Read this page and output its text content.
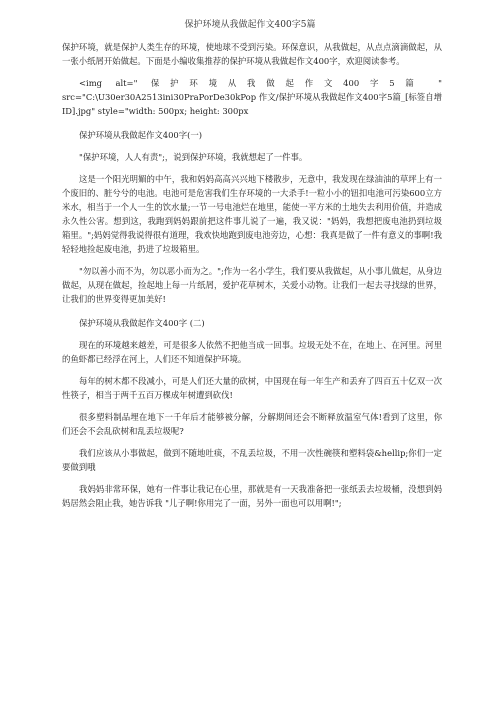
保护环境从我做起作文400字5篇

保护环境，就是保护人类生存的环境，使地球不受到污染。环保意识，从我做起，从点点滴滴做起，从一张小纸屑开始做起。下面是小编收集推荐的保护环境从我做起作文400字，欢迎阅读参考。

<img alt=" 保护环境从我做起作文400字5篇 " src="C:\U30er30A2513ini30PraPorDe30kPop 作文/保护环境从我做起作文400字5篇_[标签自增ID].jpg" style="width: 500px; height: 300px

保护环境从我做起作文400字(一)

"保护环境，人人有责";，说到保护环境，我就想起了一件事。

这是一个阳光明媚的中午，我和妈妈高高兴兴地下楼散步，无意中，我发现在绿油油的草坪上有一个废旧的、脏兮兮的电池。电池可是危害我们生存环境的一大杀手!一粒小小的钮扣电池可污染600立方米水，相当于一个人一生的饮水量;一节一号电池烂在地里，能使一平方米的土地失去利用价值，并造成永久性公害。想到这，我跑到妈妈跟前把这件事儿说了一遍，我又说："妈妈，我想把废电池扔到垃圾箱里。";妈妈觉得我说得很有道理，我欢快地跑到废电池旁边，心想：我真是做了一件有意义的事啊!我轻轻地捡起废电池，扔进了垃圾箱里。

"勿以善小而不为，勿以恶小而为之。";作为一名小学生，我们要从我做起，从小事儿做起，从身边做起，从现在做起，捡起地上每一片纸屑，爱护花草树木，关爱小动物。让我们一起去寻找绿的世界，让我们的世界变得更加美好!

保护环境从我做起作文400字 (二)

现在的环境越来越差，可是很多人依然不把他当成一回事。垃圾无处不在，在地上、在河里。河里的鱼虾都已经浮在河上，人们还不知道保护环境。

每年的树木都不段减小，可是人们还大量的砍树，中国现在每一年生产和丢弃了四百五十亿双一次性筷子，相当于两千五百万棵成年树遭到砍伐!

很多塑料制品埋在地下一千年后才能够被分解，分解期间还会不断释放温室气体!看到了这里，你们还会不会乱砍树和乱丢垃圾呢?

我们应该从小事做起，做到不随地吐痰，不乱丢垃圾，不用一次性碗筷和塑料袋&hellip;你们一定要做到哦

我妈妈非常环保，她有一件事让我记在心里，那就是有一天我准备把一张纸丢去垃圾桶，没想到妈妈居然会阻止我，她告诉我 "儿子啊!你用完了一面，另外一面也可以用啊!";
